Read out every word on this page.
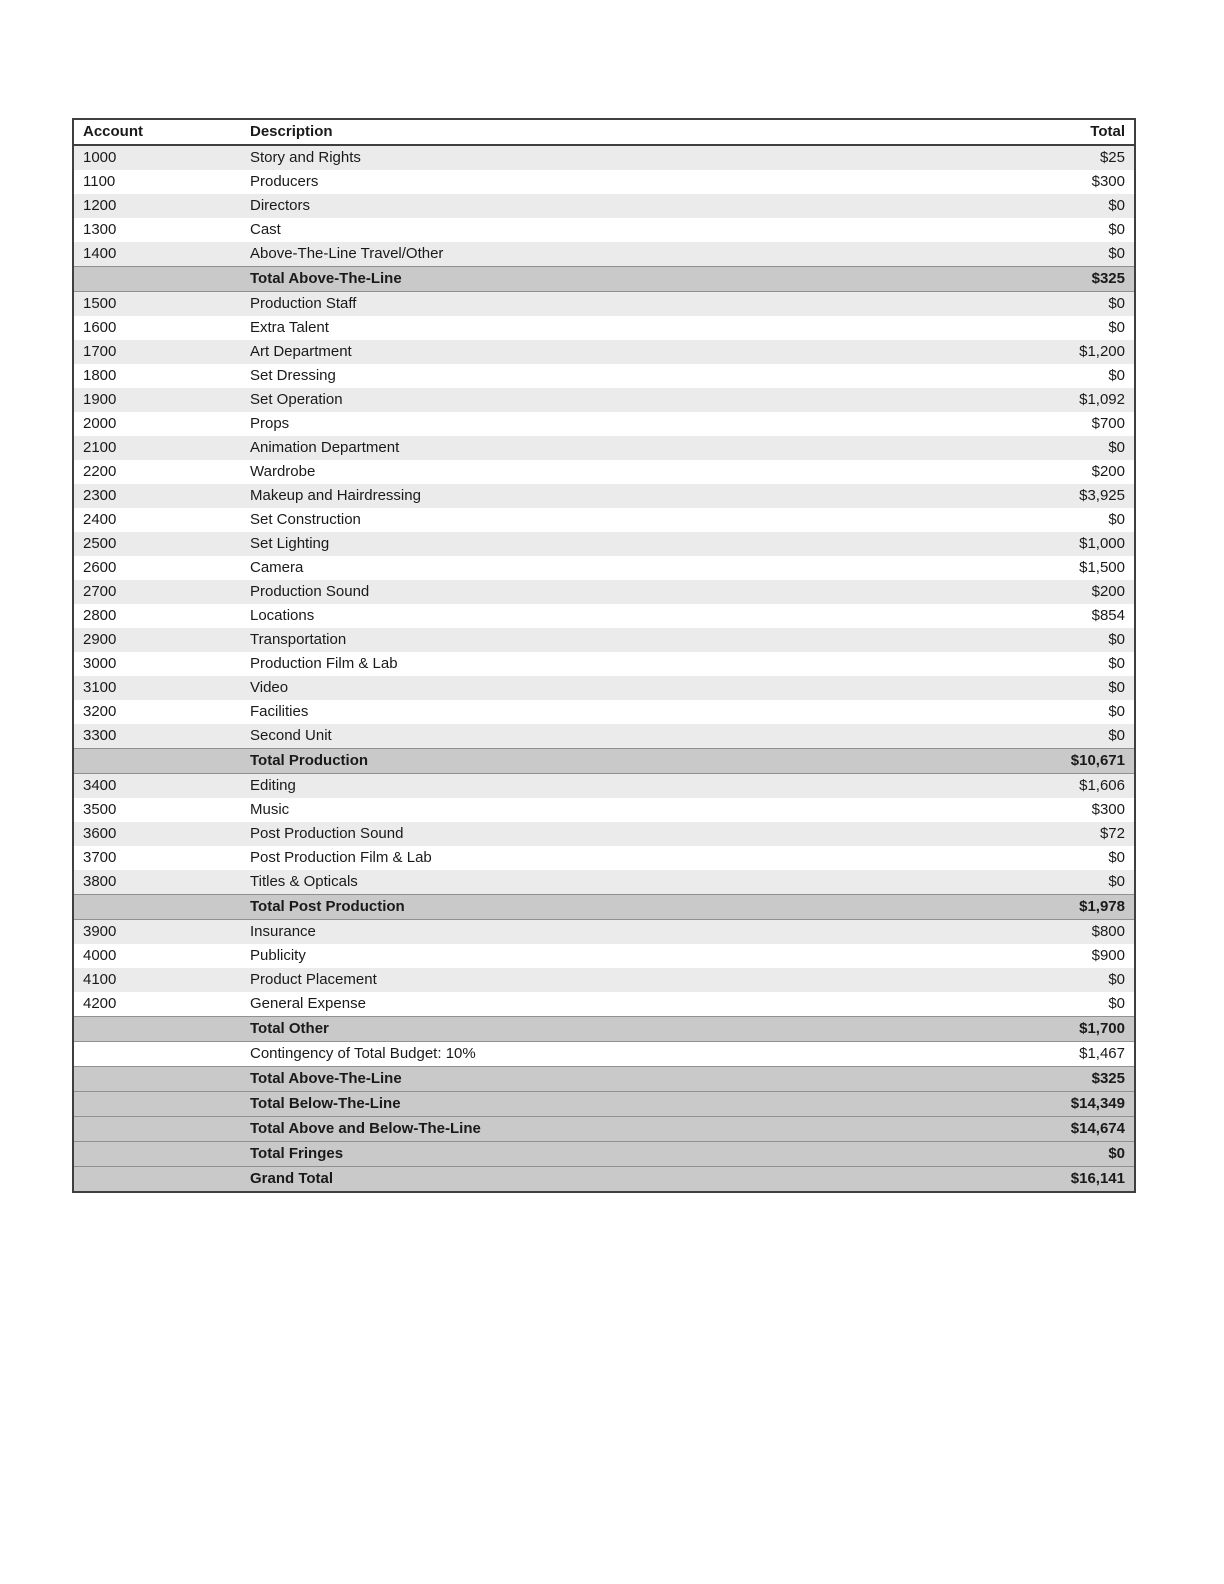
Account	Description	Total
1000	Story and Rights	$25
1100	Producers	$300
1200	Directors	$0
1300	Cast	$0
1400	Above-The-Line Travel/Other	$0
	Total Above-The-Line	$325
1500	Production Staff	$0
1600	Extra Talent	$0
1700	Art Department	$1,200
1800	Set Dressing	$0
1900	Set Operation	$1,092
2000	Props	$700
2100	Animation Department	$0
2200	Wardrobe	$200
2300	Makeup and Hairdressing	$3,925
2400	Set Construction	$0
2500	Set Lighting	$1,000
2600	Camera	$1,500
2700	Production Sound	$200
2800	Locations	$854
2900	Transportation	$0
3000	Production Film & Lab	$0
3100	Video	$0
3200	Facilities	$0
3300	Second Unit	$0
	Total Production	$10,671
3400	Editing	$1,606
3500	Music	$300
3600	Post Production Sound	$72
3700	Post Production Film & Lab	$0
3800	Titles & Opticals	$0
	Total Post Production	$1,978
3900	Insurance	$800
4000	Publicity	$900
4100	Product Placement	$0
4200	General Expense	$0
	Total Other	$1,700
	Contingency of Total Budget: 10%	$1,467
	Total Above-The-Line	$325
	Total Below-The-Line	$14,349
	Total Above and Below-The-Line	$14,674
	Total Fringes	$0
	Grand Total	$16,141
